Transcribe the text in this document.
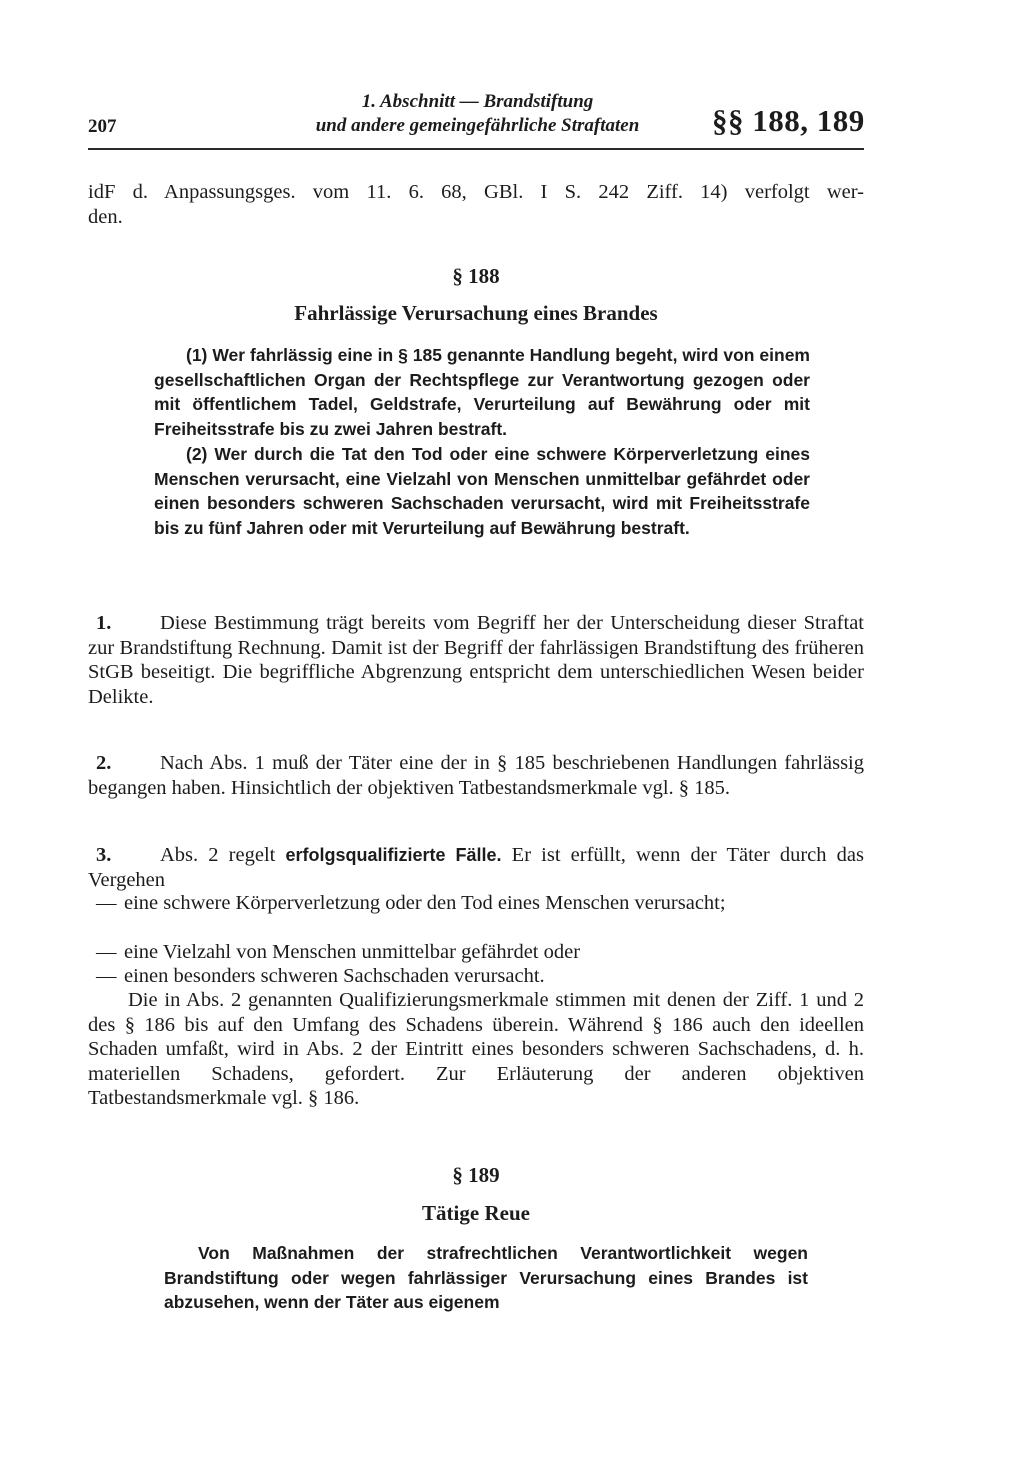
207
1. Abschnitt — Brandstiftung
und andere gemeingefährliche Straftaten	§§ 188, 189
idF d. Anpassungsges. vom 11. 6. 68, GBl. I S. 242 Ziff. 14) verfolgt wer-
den.
§ 188
Fahrlässige Verursachung eines Brandes

(1) Wer fahrlässig eine in § 185 genannte Handlung begeht, wird von einem gesellschaftlichen Organ der Rechtspflege zur Verantwortung gezogen oder mit öffentlichem Tadel, Geldstrafe, Verurteilung auf Bewährung oder mit Freiheitsstrafe bis zu zwei Jahren bestraft.

(2) Wer durch die Tat den Tod oder eine schwere Körperverletzung eines Menschen verursacht, eine Vielzahl von Menschen unmittelbar gefährdet oder einen besonders schweren Sachschaden verursacht, wird mit Freiheitsstrafe bis zu fünf Jahren oder mit Verurteilung auf Bewährung bestraft.

1.	Diese Bestimmung trägt bereits vom Begriff her der Unterscheidung dieser Straftat zur Brandstiftung Rechnung. Damit ist der Begriff der fahrlässigen Brandstiftung des früheren StGB beseitigt. Die begriffliche Abgrenzung entspricht dem unterschiedlichen Wesen beider Delikte.
2.	Nach Abs. 1 muß der Täter eine der in § 185 beschriebenen Handlungen fahrlässig begangen haben. Hinsichtlich der objektiven Tatbestandsmerkmale vgl. § 185.
3.	Abs. 2 regelt erfolgsqualifizierte Fälle. Er ist erfüllt, wenn der Täter durch das Vergehen
— eine schwere Körperverletzung oder den Tod eines Menschen verursacht;
— eine Vielzahl von Menschen unmittelbar gefährdet oder
— einen besonders schweren Sachschaden verursacht.
Die in Abs. 2 genannten Qualifizierungsmerkmale stimmen mit denen der Ziff. 1 und 2 des § 186 bis auf den Umfang des Schadens überein. Während § 186 auch den ideellen Schaden umfaßt, wird in Abs. 2 der Eintritt eines besonders schweren Sachschadens, d. h. materiellen Schadens, gefordert. Zur Erläuterung der anderen objektiven Tatbestandsmerkmale vgl. § 186.
§ 189
Tätige Reue

Von Maßnahmen der strafrechtlichen Verantwortlichkeit wegen Brandstiftung oder wegen fahrlässiger Verursachung eines Brandes ist abzusehen, wenn der Täter aus eigenem
